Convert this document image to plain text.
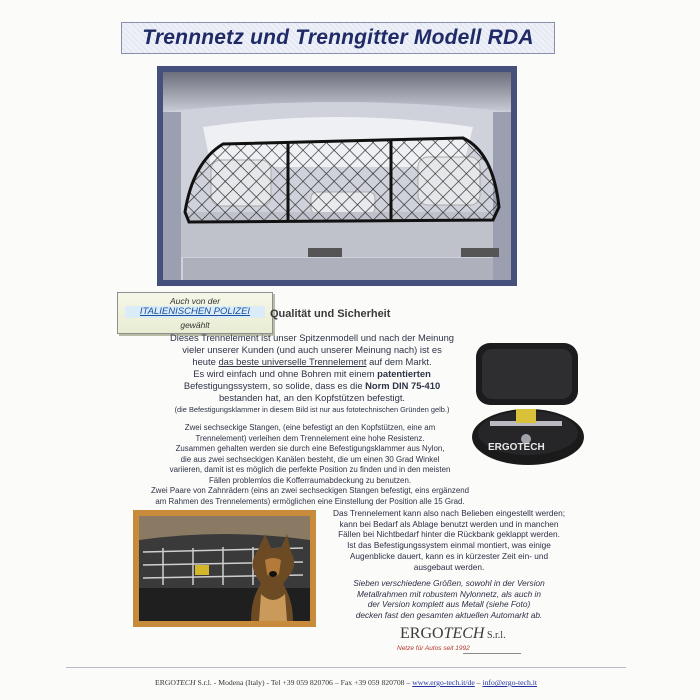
Trennnetz und Trenngitter Modell RDA
Auch von der
ITALIENISCHEN POLIZEI
gewählt
Qualität und Sicherheit
Dieses Trennelement ist unser Spitzenmodell und nach der Meinung
vieler unserer Kunden (und auch unserer Meinung nach) ist es
heute das beste universelle Trennelement auf dem Markt.
Es wird einfach und ohne Bohren mit einem patentierten
Befestigungssystem, so solide, dass es die Norm DIN 75-410
bestanden hat, an den Kopfstützen befestigt.
(die Befestigungsklammer in diesem Bild ist nur aus fototechnischen Gründen gelb.)
ERGOTECH
Zwei sechseckige Stangen, (eine befestigt an den Kopfstützen, eine am
Trennelement) verleihen dem Trennelement eine hohe Resistenz.
Zusammen gehalten werden sie durch eine Befestigungsklammer aus Nylon,
die aus zwei sechseckigen Kanälen besteht, die um einen 30 Grad Winkel
variieren, damit ist es möglich die perfekte Position zu finden und in den meisten
Fällen problemlos die Kofferraumabdeckung zu benutzen.
Zwei Paare von Zahnrädern (eins an zwei sechseckigen Stangen befestigt, eins ergänzend
am Rahmen des Trennelements) ermöglichen eine Einstellung der Position alle 15 Grad.
Das Trennelement kann also nach Belieben eingestellt werden;
kann bei Bedarf als Ablage benutzt werden und in manchen
Fällen bei Nichtbedarf hinter die Rückbank geklappt werden.
Ist das Befestigungssystem einmal montiert, was einige
Augenblicke dauert, kann es in kürzester Zeit ein- und
ausgebaut werden.
Sieben verschiedene Größen, sowohl in der Version
Metallrahmen mit robustem Nylonnetz, als auch in
der Version komplett aus Metall (siehe Foto)
decken fast den gesamten aktuellen Automarkt ab.
ERGOTECH S.r.l.
Netze für Autos seit 1992
ERGOTECH S.r.l. - Modena (Italy) - Tel +39 059 820706 – Fax +39 059 820708 – www.ergo-tech.it/de – info@ergo-tech.it
